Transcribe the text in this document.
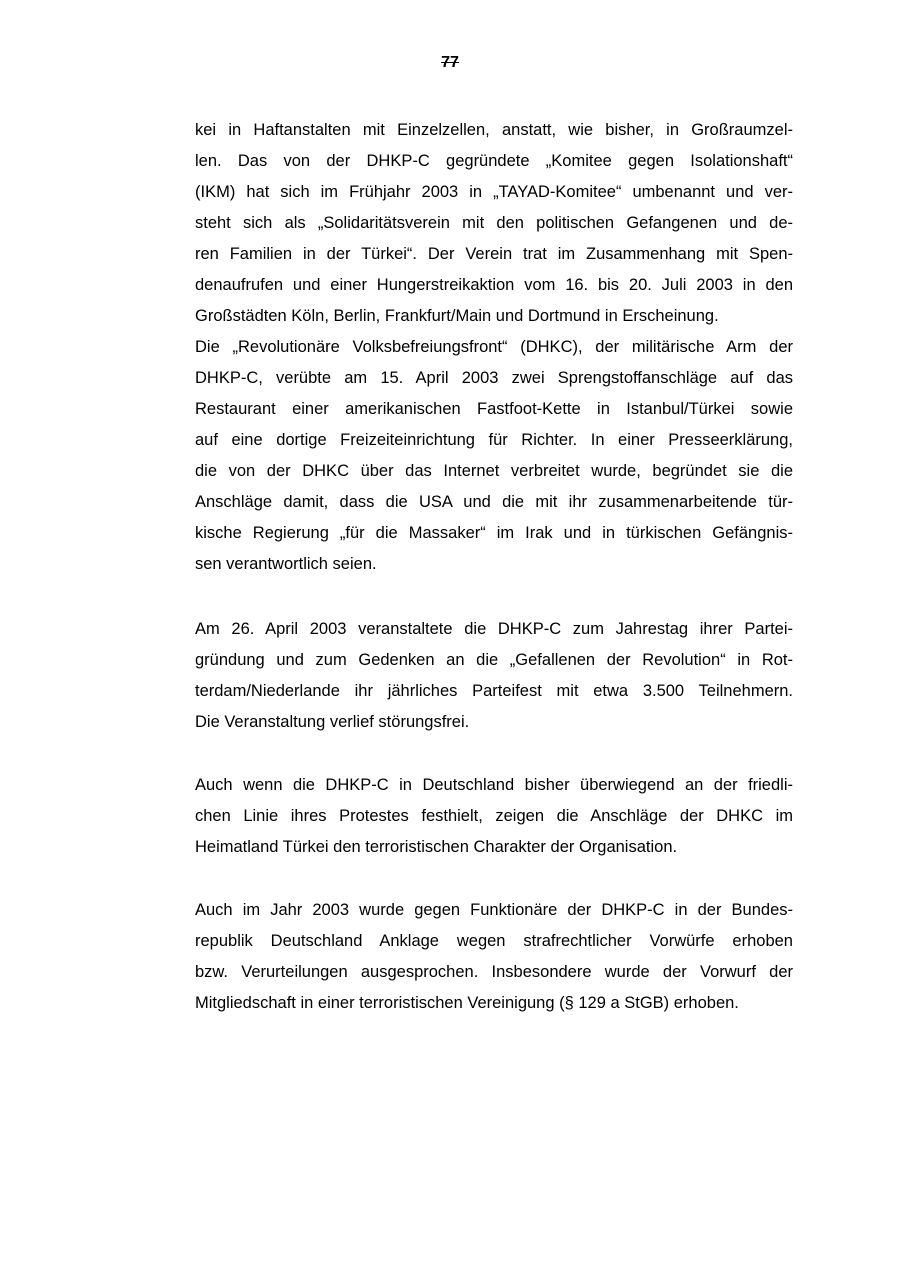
77
kei in Haftanstalten mit Einzelzellen, anstatt, wie bisher, in Großraumzel-
len. Das von der DHKP-C gegründete „Komitee gegen Isolationshaft“
(IKM) hat sich im Frühjahr 2003 in „TAYAD-Komitee“ umbenannt und ver-
steht sich als „Solidaritätsverein mit den politischen Gefangenen und de-
ren Familien in der Türkei“. Der Verein trat im Zusammenhang mit Spen-
denaufrufen und einer Hungerstreikaktion vom 16. bis 20. Juli 2003 in den
Großstädten Köln, Berlin, Frankfurt/Main und Dortmund in Erscheinung.
Die „Revolutionäre Volksbefreiungsfront“ (DHKC), der militärische Arm der
DHKP-C, verübte am 15. April 2003 zwei Sprengstoffanschläge auf das
Restaurant einer amerikanischen Fastfoot-Kette in Istanbul/Türkei sowie
auf eine dortige Freizeiteinrichtung für Richter. In einer Presseerklärung,
die von der DHKC über das Internet verbreitet wurde, begründet sie die
Anschläge damit, dass die USA und die mit ihr zusammenarbeitende tür-
kische Regierung „für die Massaker“ im Irak und in türkischen Gefängnis-
sen verantwortlich seien.
Am 26. April 2003 veranstaltete die DHKP-C zum Jahrestag ihrer Partei-
gründung und zum Gedenken an die „Gefallenen der Revolution“ in Rot-
terdam/Niederlande ihr jährliches Parteifest mit etwa 3.500 Teilnehmern.
Die Veranstaltung verlief störungsfrei.
Auch wenn die DHKP-C in Deutschland bisher überwiegend an der friedli-
chen Linie ihres Protestes festhielt, zeigen die Anschläge der DHKC im
Heimatland Türkei den terroristischen Charakter der Organisation.
Auch im Jahr 2003 wurde gegen Funktionäre der DHKP-C in der Bundes-
republik Deutschland Anklage wegen strafrechtlicher Vorwürfe erhoben
bzw. Verurteilungen ausgesprochen. Insbesondere wurde der Vorwurf der
Mitgliedschaft in einer terroristischen Vereinigung (§ 129 a StGB) erhoben.
